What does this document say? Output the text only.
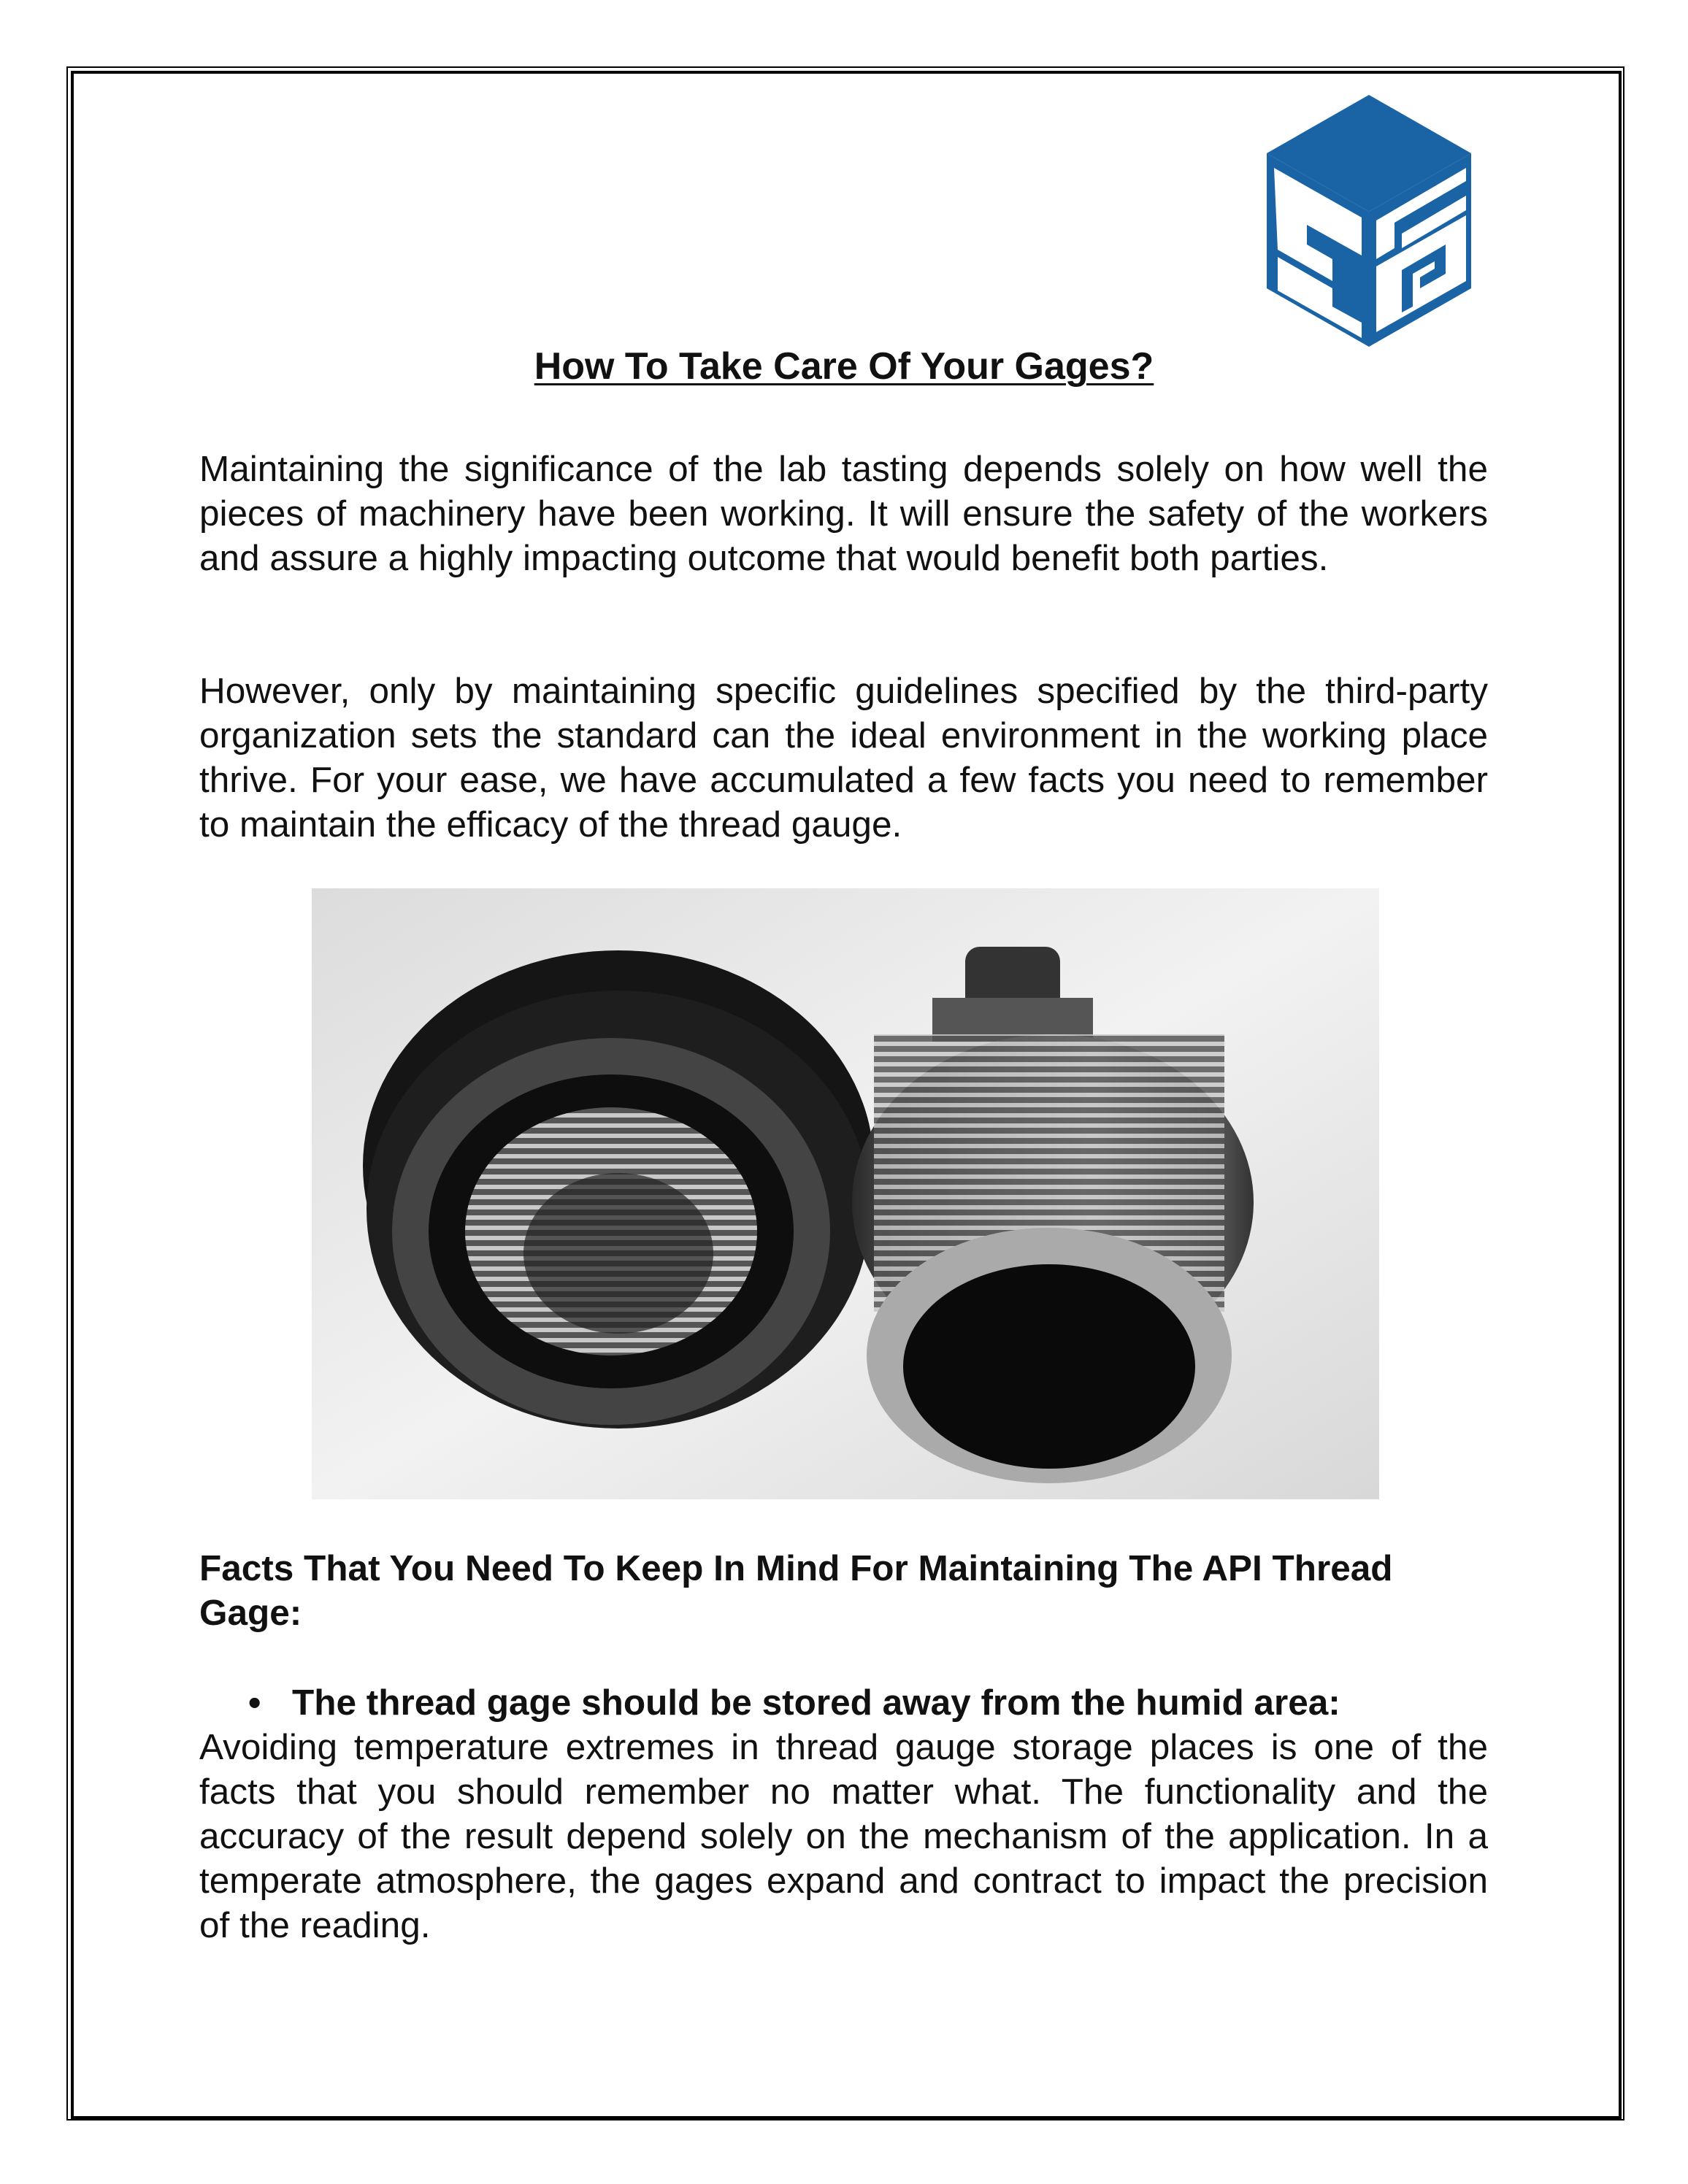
How To Take Care Of Your Gages?
Maintaining the significance of the lab tasting depends solely on how well the pieces of machinery have been working. It will ensure the safety of the workers and assure a highly impacting outcome that would benefit both parties.
However, only by maintaining specific guidelines specified by the third-party organization sets the standard can the ideal environment in the working place thrive. For your ease, we have accumulated a few facts you need to remember to maintain the efficacy of the thread gauge.
Facts That You Need To Keep In Mind For Maintaining The API Thread Gage:
• The thread gage should be stored away from the humid area:
Avoiding temperature extremes in thread gauge storage places is one of the facts that you should remember no matter what. The functionality and the accuracy of the result depend solely on the mechanism of the application. In a temperate atmosphere, the gages expand and contract to impact the precision of the reading.
